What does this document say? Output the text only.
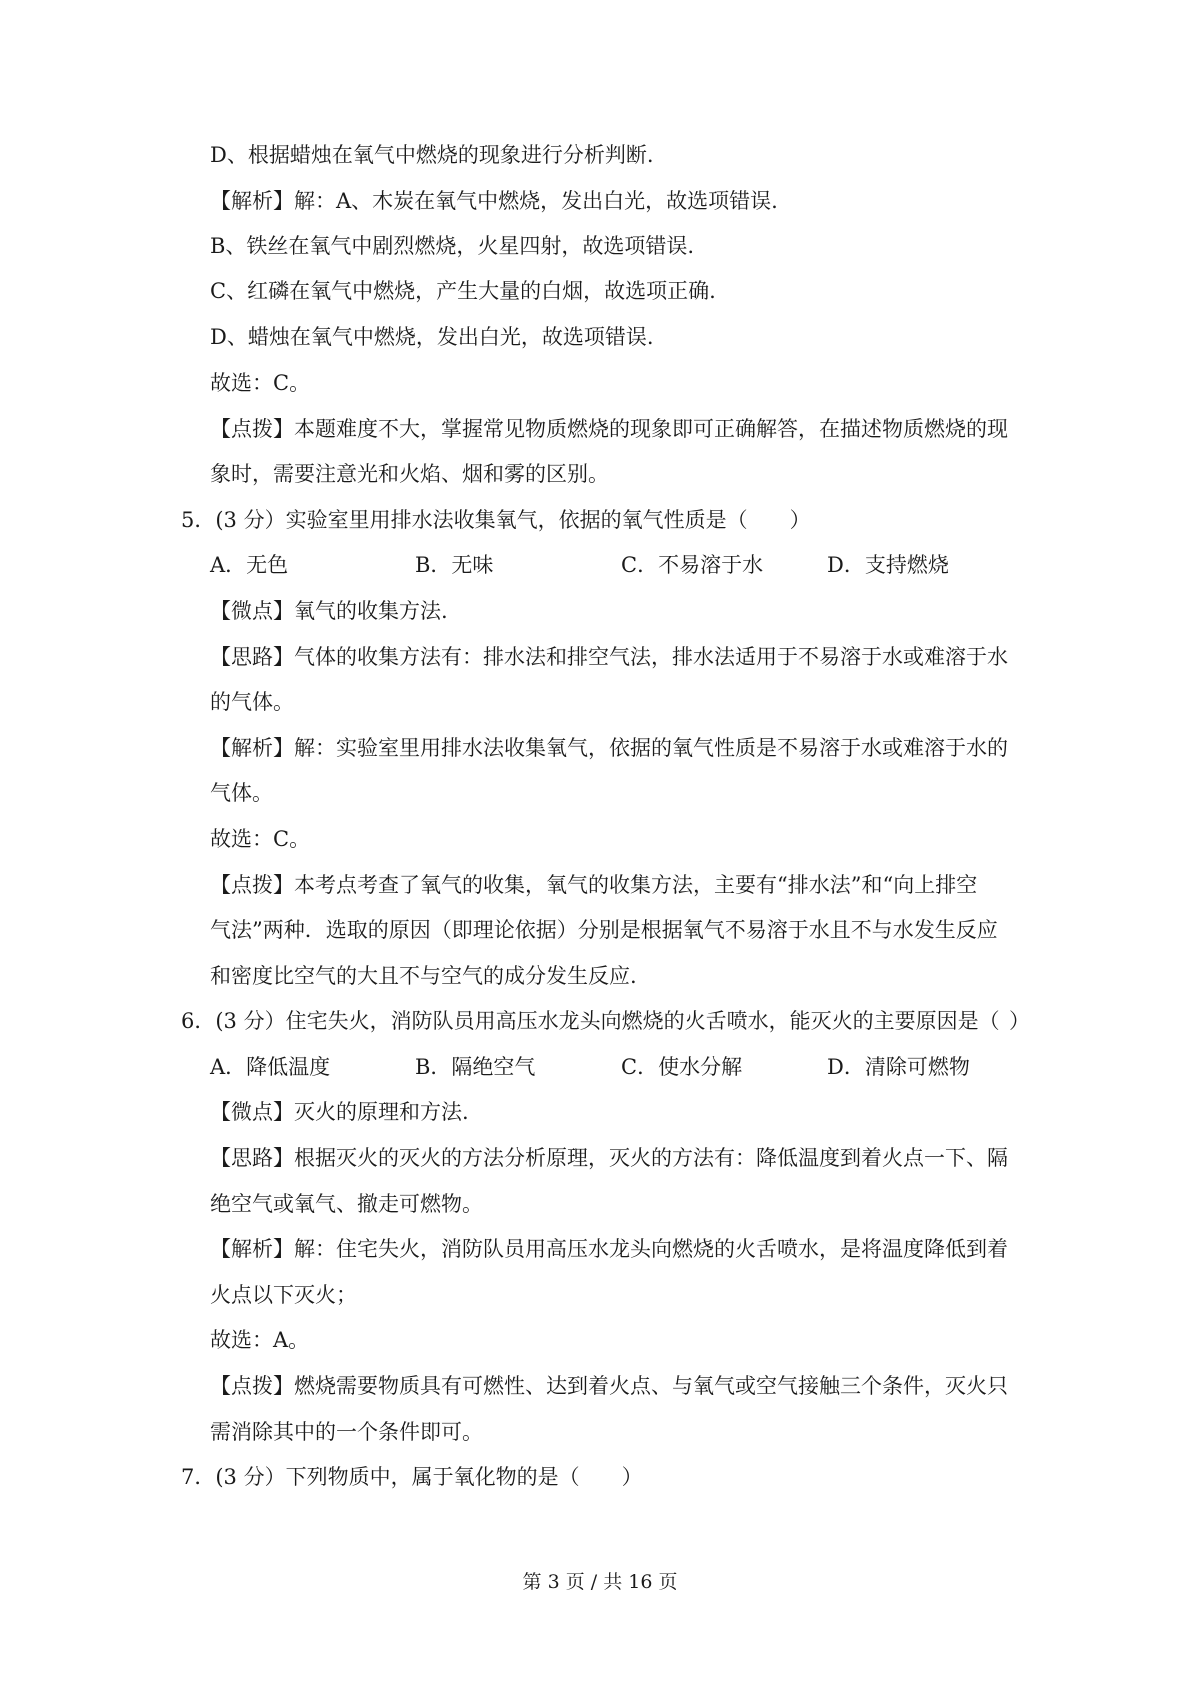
D、根据蜡烛在氧气中燃烧的现象进行分析判断.
【解析】解：A、木炭在氧气中燃烧，发出白光，故选项错误.
B、铁丝在氧气中剧烈燃烧，火星四射，故选项错误.
C、红磷在氧气中燃烧，产生大量的白烟，故选项正确.
D、蜡烛在氧气中燃烧，发出白光，故选项错误.
故选：C。
【点拨】本题难度不大，掌握常见物质燃烧的现象即可正确解答，在描述物质燃烧的现
象时，需要注意光和火焰、烟和雾的区别。
5．(3 分）实验室里用排水法收集氧气，依据的氧气性质是（　　）
A．无色	B．无味	C．不易溶于水	D．支持燃烧
【微点】氧气的收集方法.
【思路】气体的收集方法有：排水法和排空气法，排水法适用于不易溶于水或难溶于水
的气体。
【解析】解：实验室里用排水法收集氧气，依据的氧气性质是不易溶于水或难溶于水的
气体。
故选：C。
【点拨】本考点考查了氧气的收集，氧气的收集方法，主要有“排水法”和“向上排空
气法”两种．选取的原因（即理论依据）分别是根据氧气不易溶于水且不与水发生反应
和密度比空气的大且不与空气的成分发生反应.
6．(3 分）住宅失火，消防队员用高压水龙头向燃烧的火舌喷水，能灭火的主要原因是（ ）
A．降低温度	B．隔绝空气	C．使水分解	D．清除可燃物
【微点】灭火的原理和方法.
【思路】根据灭火的灭火的方法分析原理，灭火的方法有：降低温度到着火点一下、隔
绝空气或氧气、撤走可燃物。
【解析】解：住宅失火，消防队员用高压水龙头向燃烧的火舌喷水，是将温度降低到着
火点以下灭火；
故选：A。
【点拨】燃烧需要物质具有可燃性、达到着火点、与氧气或空气接触三个条件，灭火只
需消除其中的一个条件即可。
7．(3 分）下列物质中，属于氧化物的是（　　）
第 3 页 / 共 16 页
